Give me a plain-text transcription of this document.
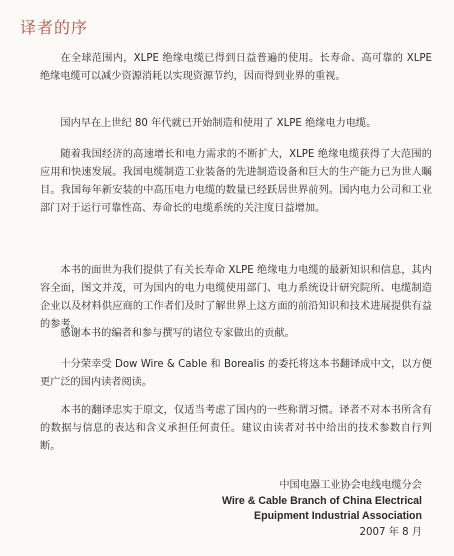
译者的序

在全球范围内，XLPE 绝缘电缆已得到日益普遍的使用。长寿命、高可靠的 XLPE 绝缘电缆可以减少资源消耗以实现资源节约，因而得到业界的重视。

国内早在上世纪 80 年代就已开始制造和使用了 XLPE 绝缘电力电缆。

随着我国经济的高速增长和电力需求的不断扩大，XLPE 绝缘电缆获得了大范围的应用和快速发展。我国电缆制造工业装备的先进制造设备和巨大的生产能力已为世人瞩目。我国每年新安装的中高压电力电缆的数量已经跃居世界前列。国内电力公司和工业部门对于运行可靠性高、寿命长的电缆系统的关注度日益增加。

本书的面世为我们提供了有关长寿命 XLPE 绝缘电力电缆的最新知识和信息，其内容全面，图文并茂，可为国内的电力电缆使用部门、电力系统设计研究院所、电缆制造企业以及材料供应商的工作者们及时了解世界上这方面的前沿知识和技术进展提供有益的参考。

感谢本书的编者和参与撰写的诸位专家做出的贡献。

十分荣幸受 Dow Wire & Cable 和 Borealis 的委托将这本书翻译成中文，以方便更广泛的国内读者阅读。

本书的翻译忠实于原文，仅适当考虑了国内的一些称谓习惯。译者不对本书所含有的数据与信息的表达和含义承担任何责任。建议由读者对书中给出的技术参数自行判断。

中国电器工业协会电线电缆分会

Wire & Cable Branch of China Electrical

Epuipment Industrial Association

2007 年 8 月
